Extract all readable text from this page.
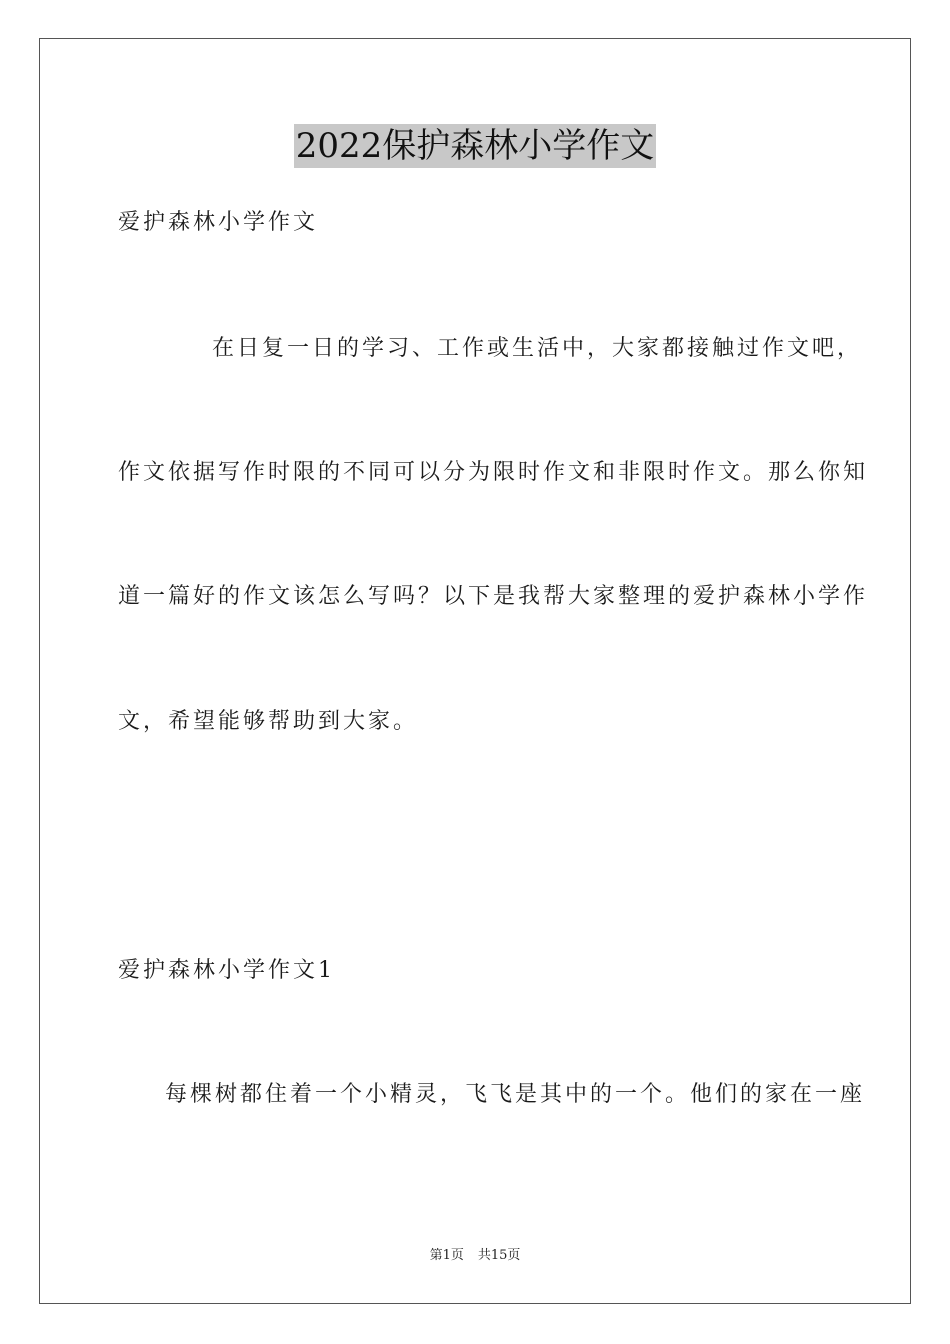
2022保护森林小学作文
爱护森林小学作文
在日复一日的学习、工作或生活中，大家都接触过作文吧，
作文依据写作时限的不同可以分为限时作文和非限时作文。那么你知
道一篇好的作文该怎么写吗？以下是我帮大家整理的爱护森林小学作
文，希望能够帮助到大家。
爱护森林小学作文1
每棵树都住着一个小精灵，飞飞是其中的一个。他们的家在一座
第1页 共15页
